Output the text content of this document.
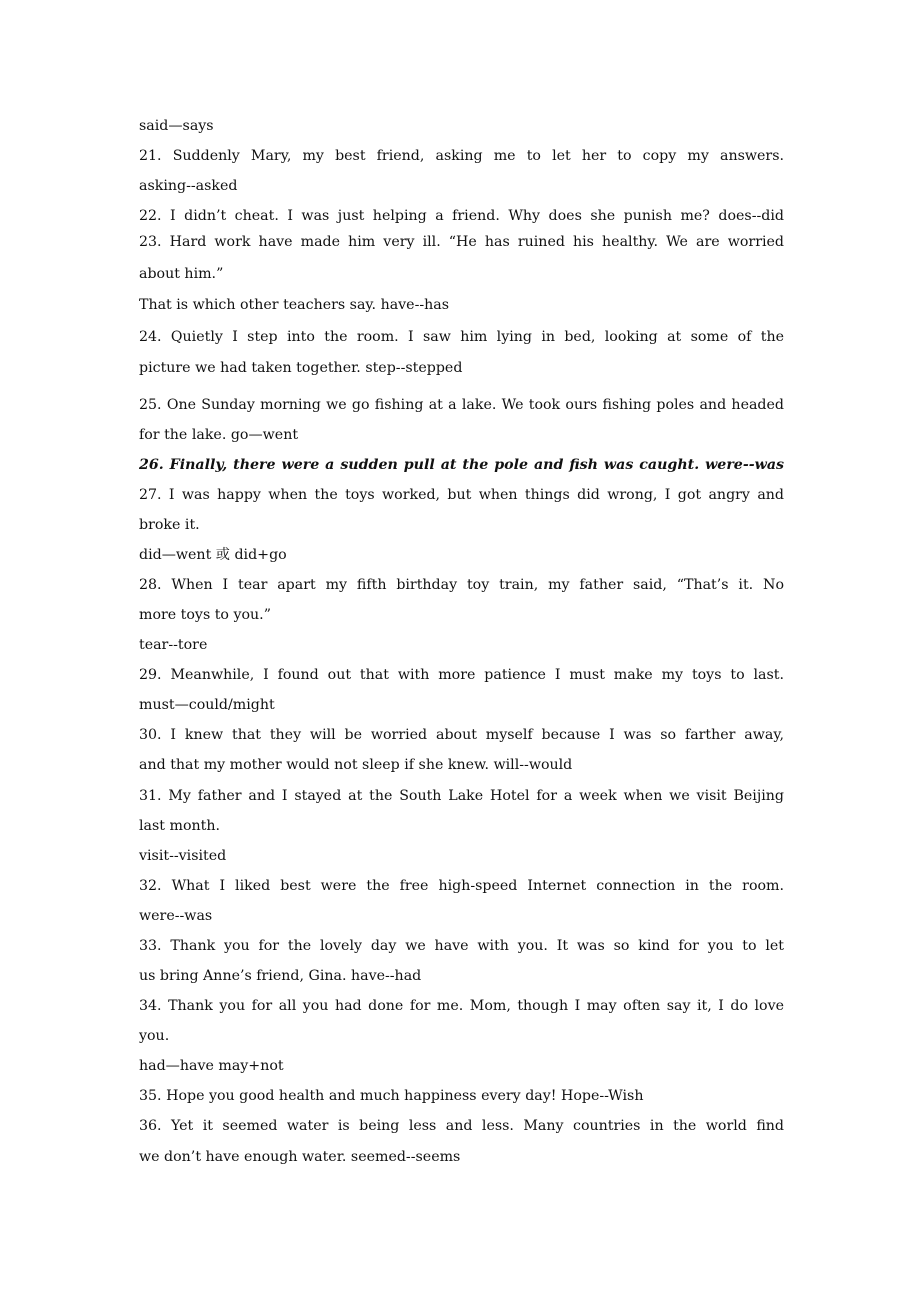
said—says
21. Suddenly Mary, my best friend, asking me to let her to copy my answers.
asking--asked
22. I didn’t cheat. I was just helping a friend. Why does she punish me? does--did
23. Hard work have made him very ill. “He has ruined his healthy. We are worried
about him.”
That is which other teachers say. have--has
24. Quietly I step into the room. I saw him lying in bed, looking at some of the
picture we had taken together. step--stepped
25. One Sunday morning we go fishing at a lake. We took ours fishing poles and headed
for the lake. go—went
26. Finally, there were a sudden pull at the pole and fish was caught. were--was
27. I was happy when the toys worked, but when things did wrong, I got angry and
broke it.
did—went 或 did+go
28. When I tear apart my fifth birthday toy train, my father said, “That’s it. No
more toys to you.”
tear--tore
29. Meanwhile, I found out that with more patience I must make my toys to last.
must—could/might
30. I knew that they will be worried about myself because I was so farther away,
and that my mother would not sleep if she knew. will--would
31. My father and I stayed at the South Lake Hotel for a week when we visit Beijing
last month.
visit--visited
32. What I liked best were the free high-speed Internet connection in the room.
were--was
33. Thank you for the lovely day we have with you. It was so kind for you to let
us bring Anne’s friend, Gina. have--had
34. Thank you for all you had done for me. Mom, though I may often say it, I do love
you.
had—have may+not
35. Hope you good health and much happiness every day! Hope--Wish
36. Yet it seemed water is being less and less. Many countries in the world find
we don’t have enough water. seemed--seems
